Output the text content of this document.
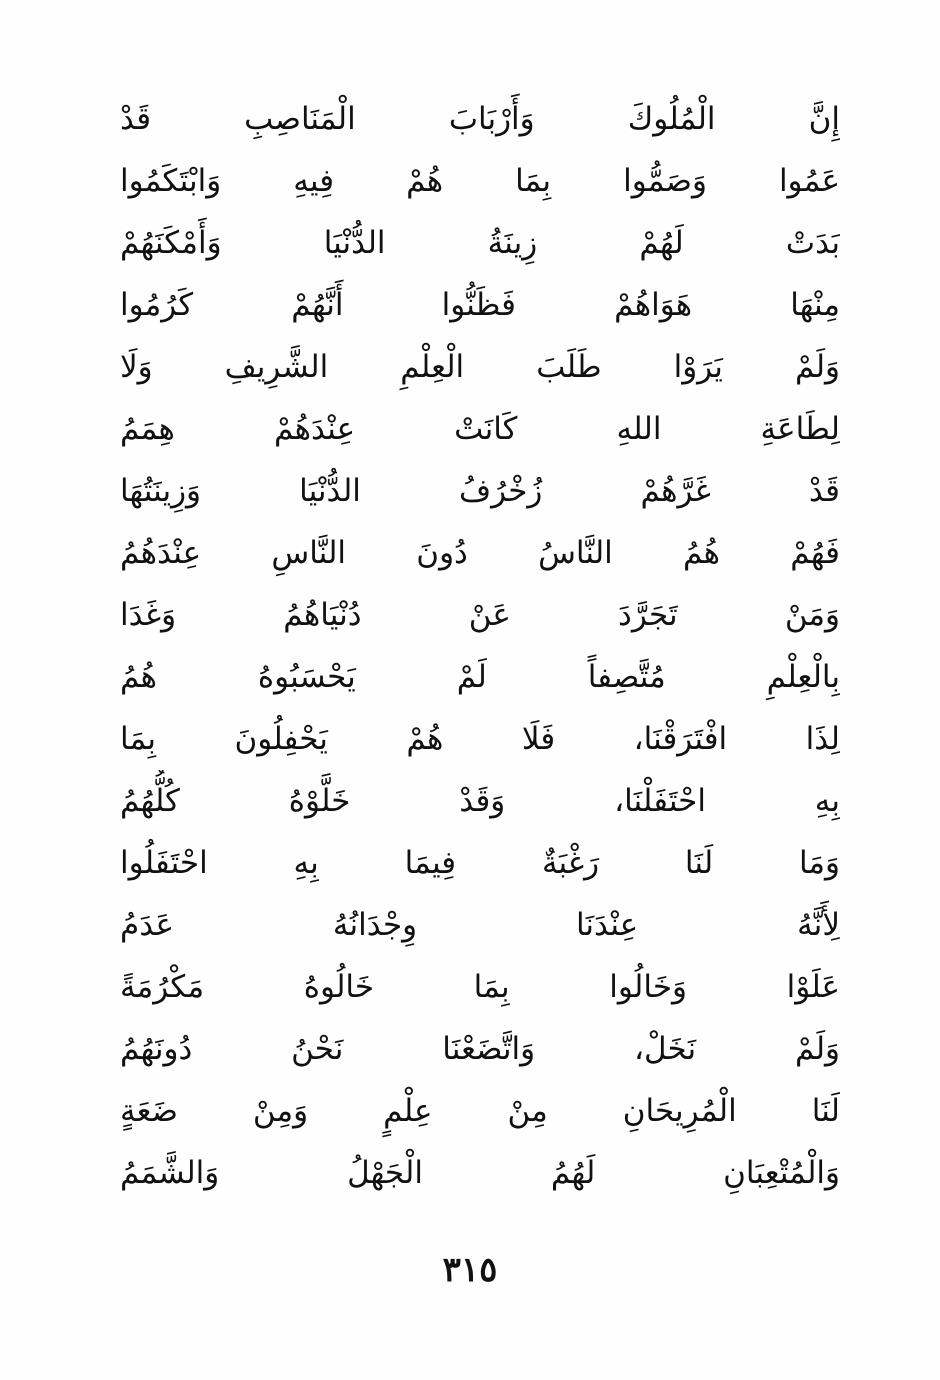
إِنَّ الْمُلُوكَ وَأَرْبَابَ الْمَنَاصِبِ قَدْ
عَمُوا وَصَمُّوا بِمَا هُمْ فِيهِ وَابْتَكَمُوا
بَدَتْ لَهُمْ زِينَةُ الدُّنْيَا وَأَمْكَنَهُمْ
مِنْهَا هَوَاهُمْ فَظَنُّوا أَنَّهُمْ كَرُمُوا
وَلَمْ يَرَوْا طَلَبَ الْعِلْمِ الشَّرِيفِ وَلَا
لِطَاعَةِ اللهِ كَانَتْ عِنْدَهُمْ هِمَمُ
قَدْ غَرَّهُمْ زُخْرُفُ الدُّنْيَا وَزِينَتُهَا
فَهُمْ هُمُ النَّاسُ دُونَ النَّاسِ عِنْدَهُمُ
وَمَنْ تَجَرَّدَ عَنْ دُنْيَاهُمُ وَغَدَا
بِالْعِلْمِ مُتَّصِفاً لَمْ يَحْسَبُوهُ هُمُ
لِذَا افْتَرَقْنَا، فَلَا هُمْ يَحْفِلُونَ بِمَا
بِهِ احْتَفَلْنَا، وَقَدْ خَلَّوْهُ كُلُّهُمُ
وَمَا لَنَا رَغْبَةٌ فِيمَا بِهِ احْتَفَلُوا
لِأَنَّهُ عِنْدَنَا وِجْدَانُهُ عَدَمُ
عَلَوْا وَخَالُوا بِمَا خَالُوهُ مَكْرُمَةً
وَلَمْ نَخَلْ، وَاتَّضَعْنَا نَحْنُ دُونَهُمُ
لَنَا الْمُرِيحَانِ مِنْ عِلْمٍ وَمِنْ ضَعَةٍ
وَالْمُتْعِبَانِ لَهُمُ الْجَهْلُ وَالشَّمَمُ
٣١٥
